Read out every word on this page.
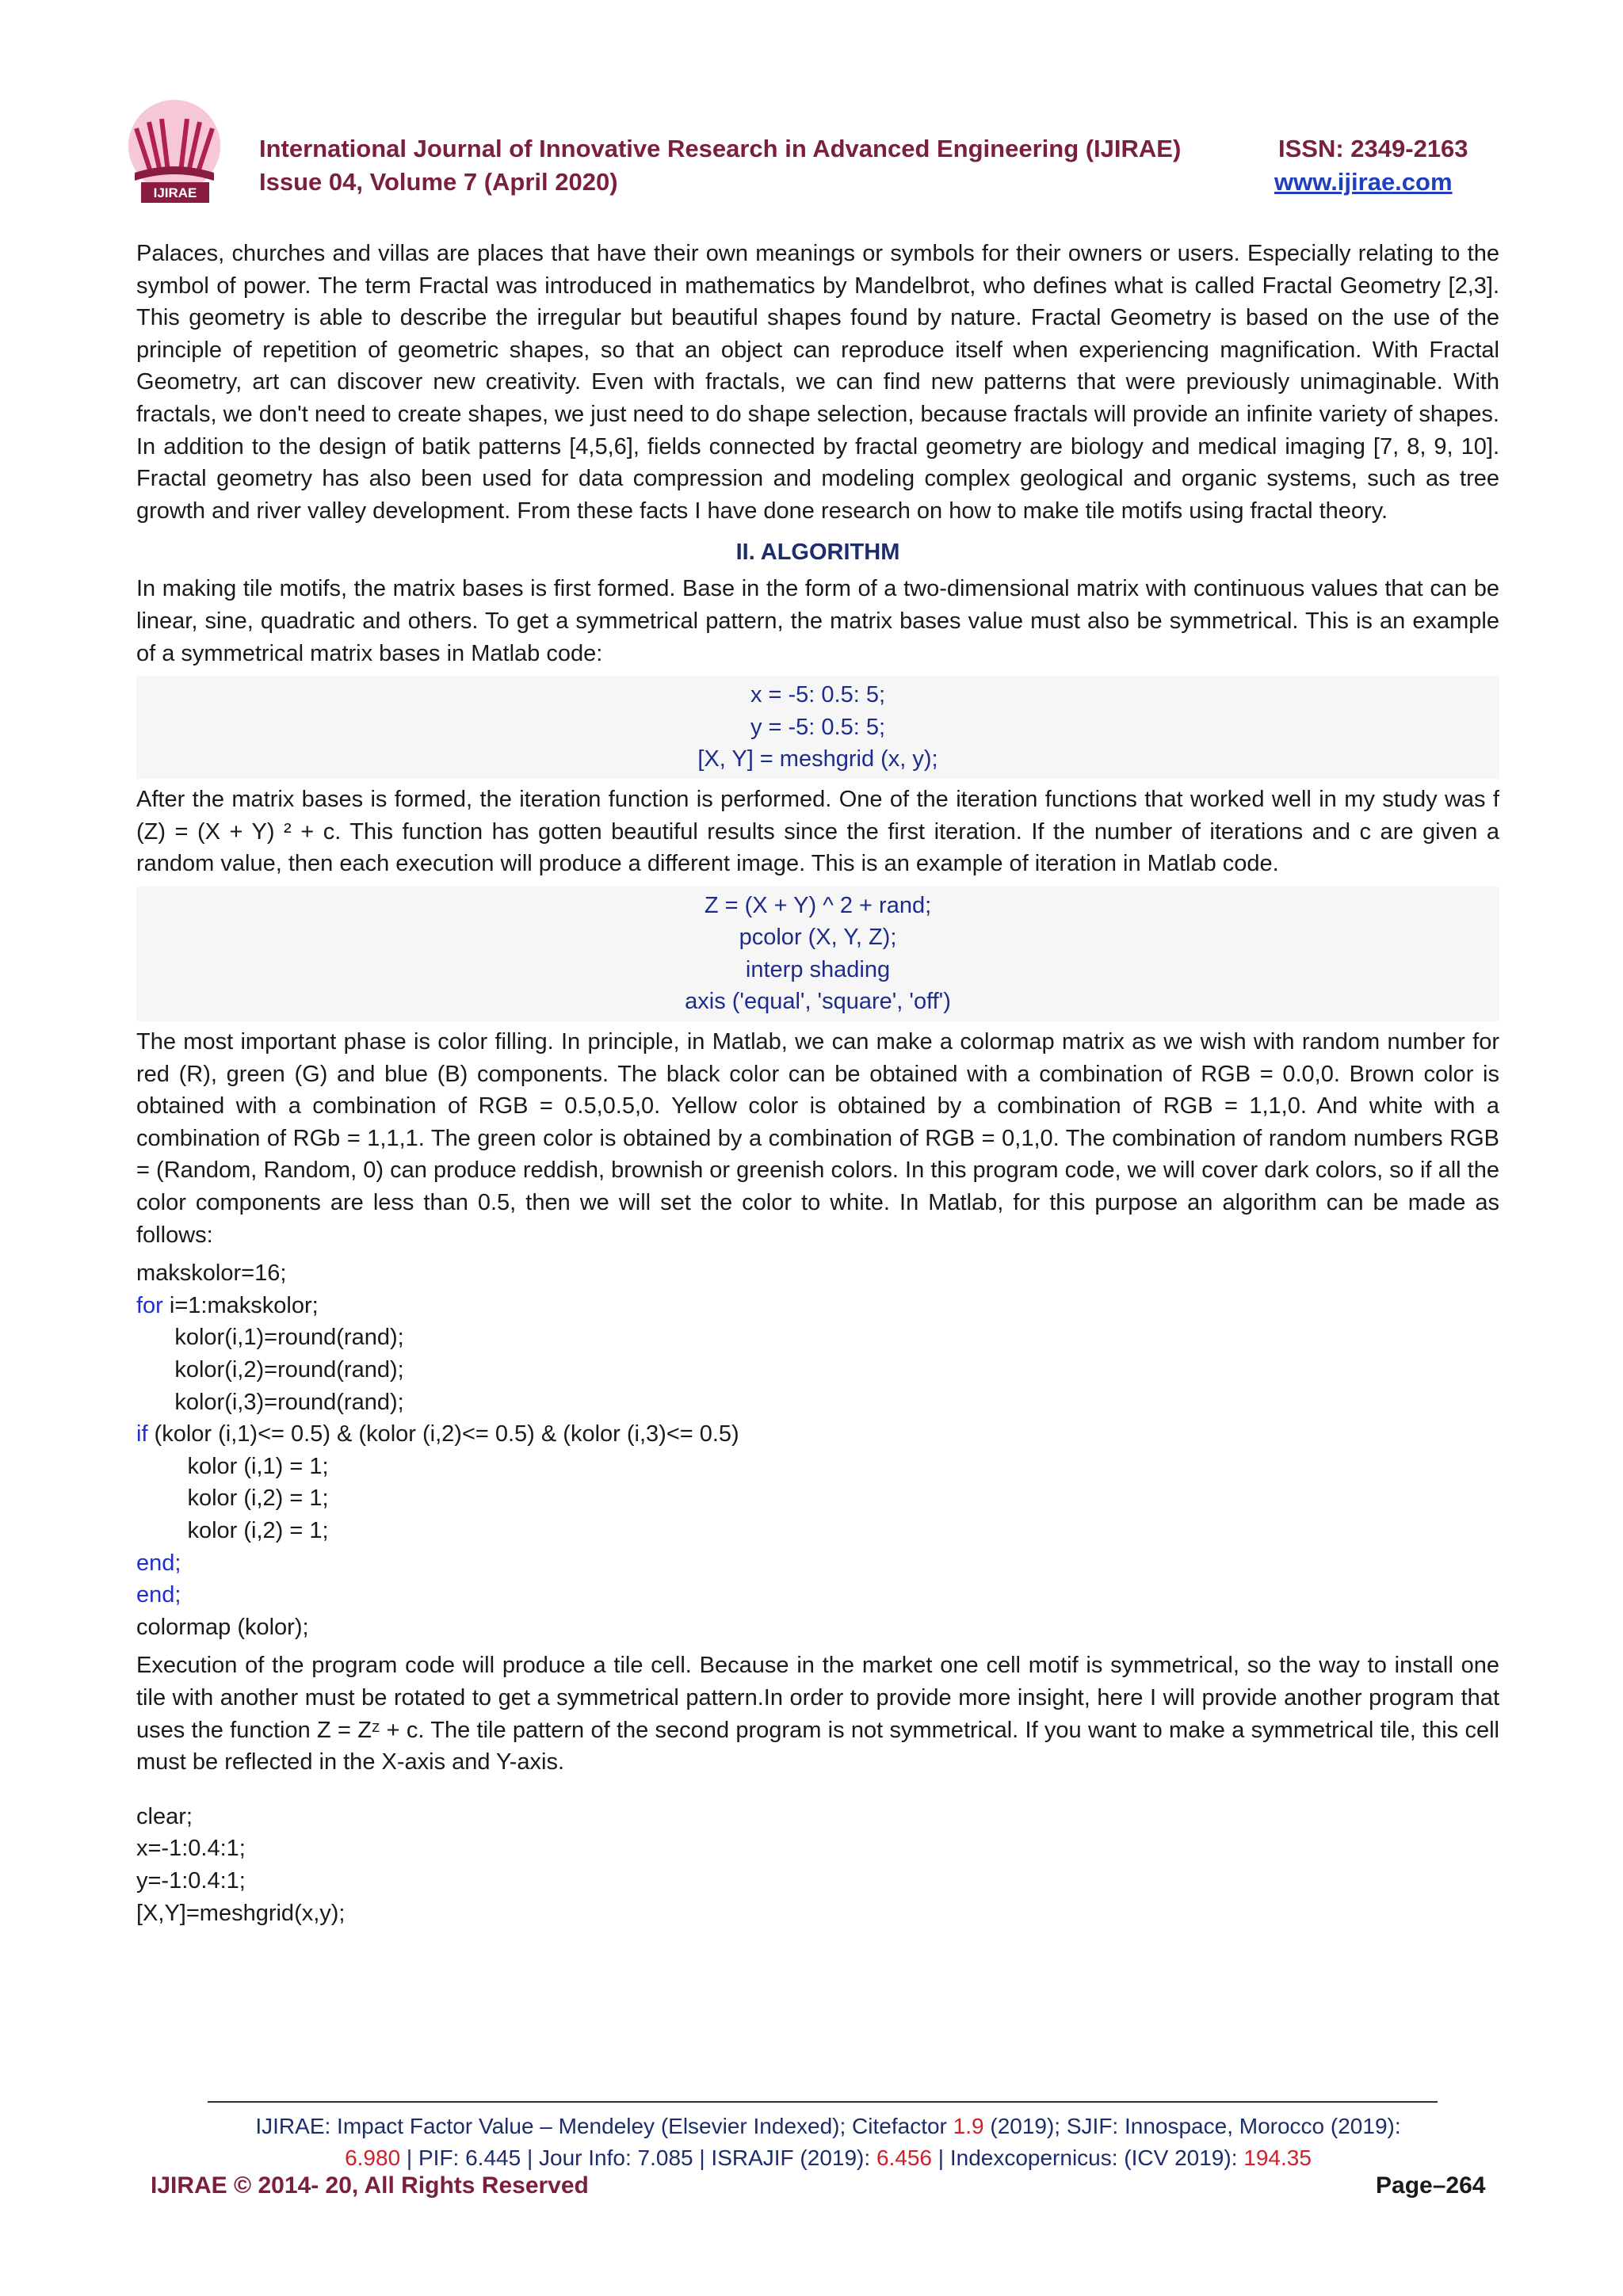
IJIRAE
International Journal of Innovative Research in Advanced Engineering (IJIRAE)	ISSN: 2349-2163
Issue 04, Volume 7 (April 2020)	www.ijirae.com

Palaces, churches and villas are places that have their own meanings or symbols for their owners or users. Especially relating to the symbol of power. The term Fractal was introduced in mathematics by Mandelbrot, who defines what is called Fractal Geometry [2,3]. This geometry is able to describe the irregular but beautiful shapes found by nature. Fractal Geometry is based on the use of the principle of repetition of geometric shapes, so that an object can reproduce itself when experiencing magnification. With Fractal Geometry, art can discover new creativity. Even with fractals, we can find new patterns that were previously unimaginable. With fractals, we don't need to create shapes, we just need to do shape selection, because fractals will provide an infinite variety of shapes. In addition to the design of batik patterns [4,5,6], fields connected by fractal geometry are biology and medical imaging [7, 8, 9, 10]. Fractal geometry has also been used for data compression and modeling complex geological and organic systems, such as tree growth and river valley development. From these facts I have done research on how to make tile motifs using fractal theory.

II. ALGORITHM

In making tile motifs, the matrix bases is first formed. Base in the form of a two-dimensional matrix with continuous values that can be linear, sine, quadratic and others. To get a symmetrical pattern, the matrix bases value must also be symmetrical. This is an example of a symmetrical matrix bases in Matlab code:

x = -5: 0.5: 5;
y = -5: 0.5: 5;
[X, Y] = meshgrid (x, y);

After the matrix bases is formed, the iteration function is performed. One of the iteration functions that worked well in my study was f (Z) = (X + Y) ² + c. This function has gotten beautiful results since the first iteration. If the number of iterations and c are given a random value, then each execution will produce a different image. This is an example of iteration in Matlab code.

Z = (X + Y) ^ 2 + rand;
pcolor (X, Y, Z);
interp shading
axis ('equal', 'square', 'off')

The most important phase is color filling. In principle, in Matlab, we can make a colormap matrix as we wish with random number for red (R), green (G) and blue (B) components. The black color can be obtained with a combination of RGB = 0.0,0. Brown color is obtained with a combination of RGB = 0.5,0.5,0. Yellow color is obtained by a combination of RGB = 1,1,0. And white with a combination of RGb = 1,1,1. The green color is obtained by a combination of RGB = 0,1,0. The combination of random numbers RGB = (Random, Random, 0) can produce reddish, brownish or greenish colors. In this program code, we will cover dark colors, so if all the color components are less than 0.5, then we will set the color to white. In Matlab, for this purpose an algorithm can be made as follows:

makskolor=16;
for i=1:makskolor;
kolor(i,1)=round(rand);
kolor(i,2)=round(rand);
kolor(i,3)=round(rand);
if (kolor (i,1)<= 0.5) & (kolor (i,2)<= 0.5) & (kolor (i,3)<= 0.5)
kolor (i,1) = 1;
kolor (i,2) = 1;
kolor (i,2) = 1;
end;
end;
colormap (kolor);

Execution of the program code will produce a tile cell. Because in the market one cell motif is symmetrical, so the way to install one tile with another must be rotated to get a symmetrical pattern.In order to provide more insight, here I will provide another program that uses the function Z = Zᶻ + c. The tile pattern of the second program is not symmetrical. If you want to make a symmetrical tile, this cell must be reflected in the X-axis and Y-axis.

clear;
x=-1:0.4:1;
y=-1:0.4:1;
[X,Y]=meshgrid(x,y);
IJIRAE: Impact Factor Value – Mendeley (Elsevier Indexed); Citefactor 1.9 (2019); SJIF: Innospace, Morocco (2019):
6.980 | PIF: 6.445 | Jour Info: 7.085 | ISRAJIF (2019): 6.456 | Indexcopernicus: (ICV 2019): 194.35
IJIRAE © 2014- 20, All Rights Reserved	Page–264
